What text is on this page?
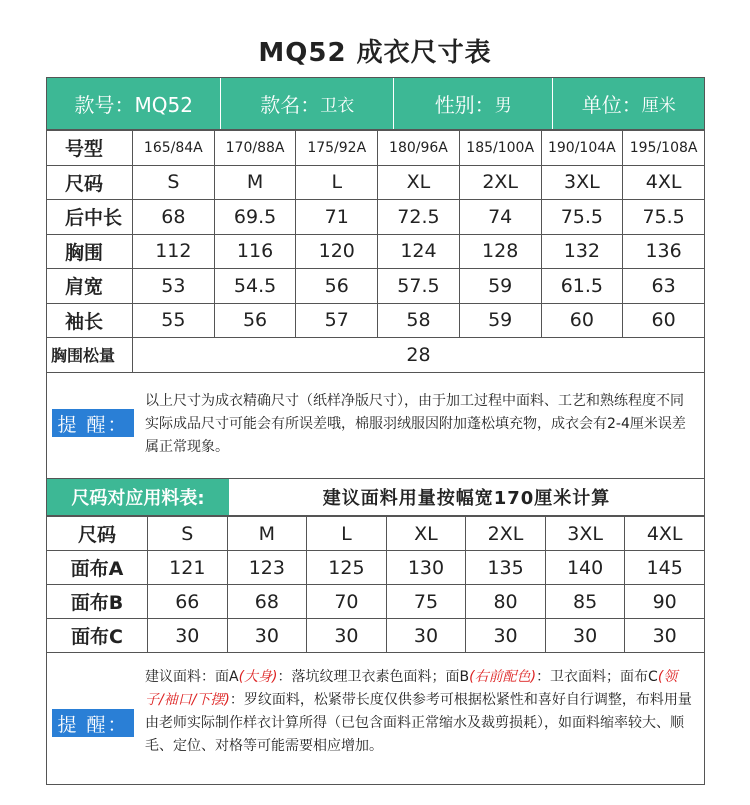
MQ52 成衣尺寸表
款号：MQ52	款名： 卫衣	性别： 男	单位： 厘米
号型	165/84A	170/88A	175/92A	180/96A	185/100A	190/104A	195/108A
尺码	S	M	L	XL	2XL	3XL	4XL
后中长	68	69.5	71	72.5	74	75.5	75.5
胸围	112	116	120	124	128	132	136
肩宽	53	54.5	56	57.5	59	61.5	63
袖长	55	56	57	58	59	60	60
胸围松量	28						
提 醒：
以上尺寸为成衣精确尺寸（纸样净版尺寸），由于加工过程中面料、工艺和熟练程度不同实际成品尺寸可能会有所误差哦，棉服羽绒服因附加蓬松填充物，成衣会有2-4厘米误差属正常现象。
尺码对应用料表:	建议面料用量按幅宽170厘米计算
尺码	S	M	L	XL	2XL	3XL	4XL
面布A	121	123	125	130	135	140	145
面布B	66	68	70	75	80	85	90
面布C	30	30	30	30	30	30	30
提 醒：
建议面料：面A(大身)：落坑纹理卫衣素色面料；面B(右前配色)：卫衣面料；面布C(领子/袖口/下摆)：罗纹面料，松紧带长度仅供参考可根据松紧性和喜好自行调整，布料用量由老师实际制作样衣计算所得（已包含面料正常缩水及裁剪损耗），如面料缩率较大、顺毛、定位、对格等可能需要相应增加。
